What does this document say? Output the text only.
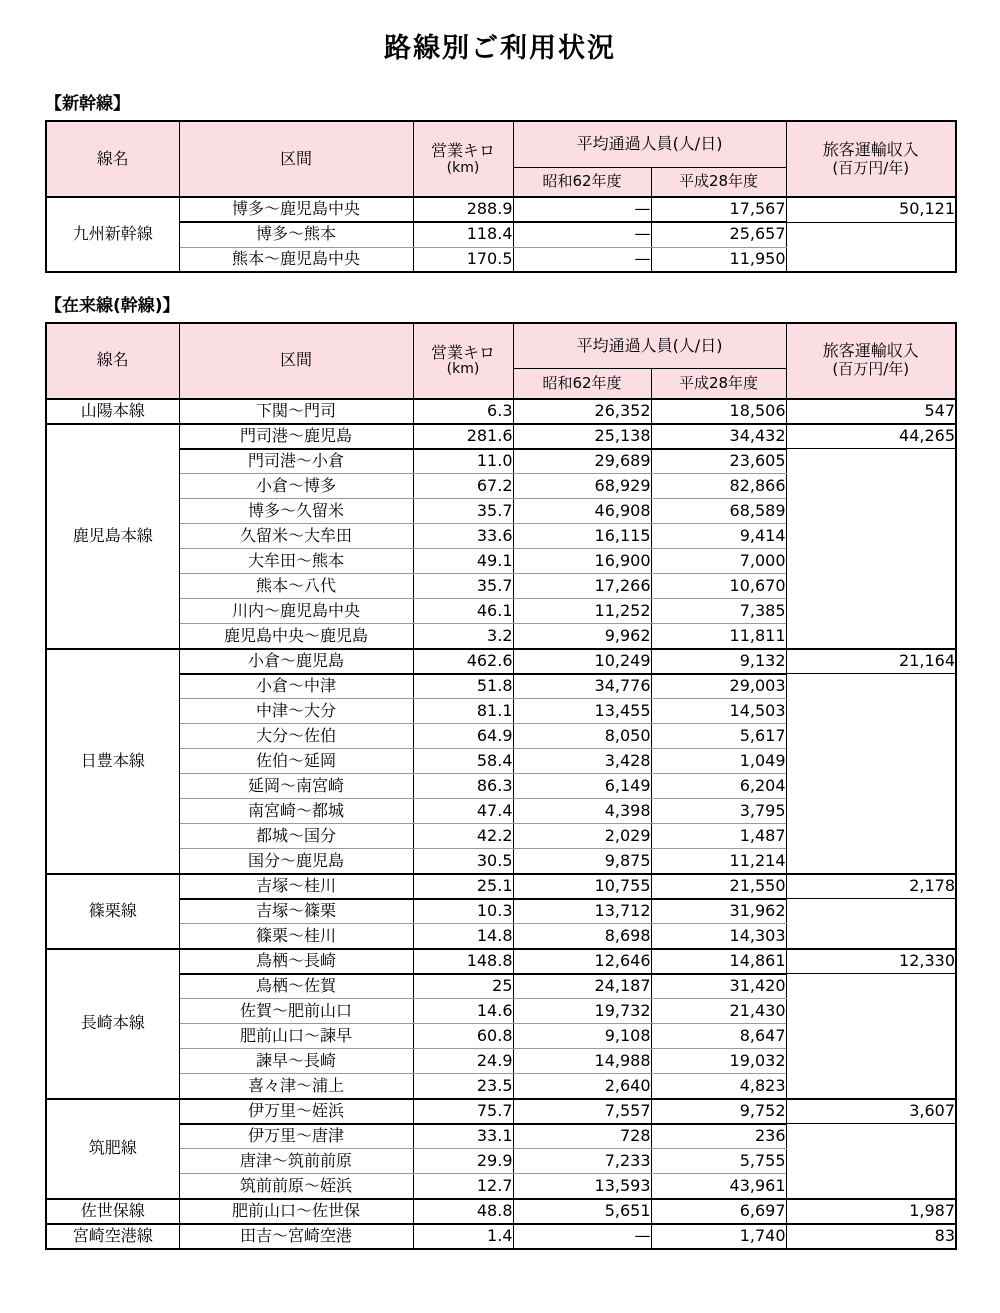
路線別ご利用状況
【新幹線】
線名	区間	営業キロ
(km)	平均通過人員(人/日)		旅客運輸収入
(百万円/年)

			昭和62年度	平成28年度	
九州新幹線	博多～鹿児島中央	288.9	—	17,567	50,121
	博多～熊本	118.4	—	25,657	
	熊本～鹿児島中央	170.5	—	11,950	
【在来線(幹線)】
線名	区間	営業キロ
(km)	平均通過人員(人/日)		旅客運輸収入
(百万円/年)

			昭和62年度	平成28年度	
山陽本線	下関～門司	6.3	26,352	18,506	547
鹿児島本線	門司港～鹿児島	281.6	25,138	34,432	44,265
	門司港～小倉	11.0	29,689	23,605	
	小倉～博多	67.2	68,929	82,866	
	博多～久留米	35.7	46,908	68,589	
	久留米～大牟田	33.6	16,115	9,414	
	大牟田～熊本	49.1	16,900	7,000	
	熊本～八代	35.7	17,266	10,670	
	川内～鹿児島中央	46.1	11,252	7,385	
	鹿児島中央～鹿児島	3.2	9,962	11,811	
日豊本線	小倉～鹿児島	462.6	10,249	9,132	21,164
	小倉～中津	51.8	34,776	29,003	
	中津～大分	81.1	13,455	14,503	
	大分～佐伯	64.9	8,050	5,617	
	佐伯～延岡	58.4	3,428	1,049	
	延岡～南宮崎	86.3	6,149	6,204	
	南宮崎～都城	47.4	4,398	3,795	
	都城～国分	42.2	2,029	1,487	
	国分～鹿児島	30.5	9,875	11,214	
篠栗線	吉塚～桂川	25.1	10,755	21,550	2,178
	吉塚～篠栗	10.3	13,712	31,962	
	篠栗～桂川	14.8	8,698	14,303	
長崎本線	鳥栖～長崎	148.8	12,646	14,861	12,330
	鳥栖～佐賀	25	24,187	31,420	
	佐賀～肥前山口	14.6	19,732	21,430	
	肥前山口～諫早	60.8	9,108	8,647	
	諫早～長崎	24.9	14,988	19,032	
	喜々津～浦上	23.5	2,640	4,823	
筑肥線	伊万里～姪浜	75.7	7,557	9,752	3,607
	伊万里～唐津	33.1	728	236	
	唐津～筑前前原	29.9	7,233	5,755	
	筑前前原～姪浜	12.7	13,593	43,961	
佐世保線	肥前山口～佐世保	48.8	5,651	6,697	1,987
宮崎空港線	田吉～宮崎空港	1.4	—	1,740	83
